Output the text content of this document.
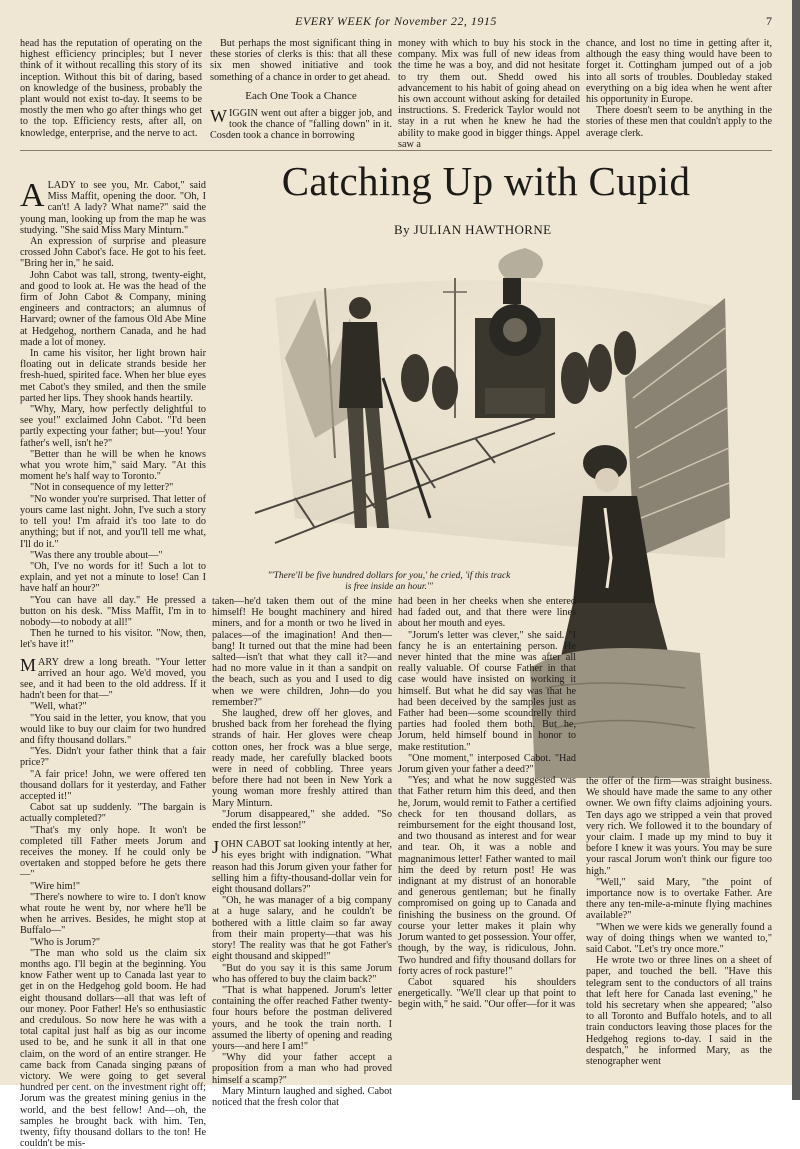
EVERY WEEK for November 22, 1915	7

head has the reputation of operating on the highest efficiency principles; but I never think of it without recalling this story of its inception. Without this bit of daring, based on knowledge of the business, probably the plant would not exist to-day. It seems to be mostly the men who go after things who get to the top. Efficiency rests, after all, on knowledge, enterprise, and the nerve to act.

But perhaps the most significant thing in these stories of clerks is this: that all these six men showed initiative and took something of a chance in order to get ahead.

Each One Took a Chance

WIGGIN went out after a bigger job, and took the chance of "falling down" in it. Cosden took a chance in borrowing

money with which to buy his stock in the company. Mix was full of new ideas from the time he was a boy, and did not hesitate to try them out. Shedd owed his advancement to his habit of going ahead on his own account without asking for detailed instructions. S. Frederick Taylor would not stay in a rut when he knew he had the ability to make good in bigger things. Appel saw a

chance, and lost no time in getting after it, although the easy thing would have been to forget it. Cottingham jumped out of a job into all sorts of troubles. Doubleday staked everything on a big idea when he went after his opportunity in Europe.

There doesn't seem to be anything in the stories of these men that couldn't apply to the average clerk.

Catching Up with Cupid
By JULIAN HAWTHORNE

ALADY to see you, Mr. Cabot," said Miss Maffit, opening the door. "Oh, I can't! A lady? What name?" said the young man, looking up from the map he was studying. "She said Miss Mary Minturn."

An expression of surprise and pleasure crossed John Cabot's face. He got to his feet. "Bring her in," he said.

John Cabot was tall, strong, twenty-eight, and good to look at. He was the head of the firm of John Cabot & Company, mining engineers and contractors; an alumnus of Harvard; owner of the famous Old Abe Mine at Hedgehog, northern Canada, and he had made a lot of money.

In came his visitor, her light brown hair floating out in delicate strands beside her fresh-hued, spirited face. When her blue eyes met Cabot's they smiled, and then the smile parted her lips. They shook hands heartily.

"Why, Mary, how perfectly delightful to see you!" exclaimed John Cabot. "I'd been partly expecting your father; but—you! Your father's well, isn't he?"

"Better than he will be when he knows what you wrote him," said Mary. "At this moment he's half way to Toronto."

"Not in consequence of my letter?"

"No wonder you're surprised. That letter of yours came last night. John, I've such a story to tell you! I'm afraid it's too late to do anything; but if not, and you'll tell me what, I'll do it."

"Was there any trouble about—"

"Oh, I've no words for it! Such a lot to explain, and yet not a minute to lose! Can I have half an hour?"

"You can have all day." He pressed a button on his desk. "Miss Maffit, I'm in to nobody—to nobody at all!"

Then he turned to his visitor. "Now, then, let's have it!"

MARY drew a long breath. "Your letter arrived an hour ago. We'd moved, you see, and it had been to the old address. If it hadn't been for that—"

"Well, what?"

"You said in the letter, you know, that you would like to buy our claim for two hundred and fifty thousand dollars."

"Yes. Didn't your father think that a fair price?"

"A fair price! John, we were offered ten thousand dollars for it yesterday, and Father accepted it!"

Cabot sat up suddenly. "The bargain is actually completed?"

"That's my only hope. It won't be completed till Father meets Jorum and receives the money. If he could only be overtaken and stopped before he gets there—"

"Wire him!"

"There's nowhere to wire to. I don't know what route he went by, nor where he'll be when he arrives. Besides, he might stop at Buffalo—"

"Who is Jorum?"

"The man who sold us the claim six months ago. I'll begin at the beginning. You know Father went up to Canada last year to get in on the Hedgehog gold boom. He had eight thousand dollars—all that was left of our money. Poor Father! He's so enthusiastic and credulous. So now here he was with a total capital just half as big as our income used to be, and he sunk it all in that one claim, on the word of an entire stranger. He came back from Canada singing pæans of victory. We were going to get several hundred per cent. on the investment right off; Jorum was the greatest mining genius in the world, and the best fellow! And—oh, the samples he brought back with him. Ten, twenty, fifty thousand dollars to the ton! He couldn't be mis-

"'There'll be five hundred dollars for you,' he cried, 'if this track is free inside an hour.'"

taken—he'd taken them out of the mine himself! He bought machinery and hired miners, and for a month or two he lived in palaces—of the imagination! And then—bang! It turned out that the mine had been salted—isn't that what they call it?—and had no more value in it than a sandpit on the beach, such as you and I used to dig when we were children, John—do you remember?"

She laughed, drew off her gloves, and brushed back from her forehead the flying strands of hair. Her gloves were cheap cotton ones, her frock was a blue serge, ready made, her carefully blacked boots were in need of cobbling. Three years before there had not been in New York a young woman more freshly attired than Mary Minturn.

"Jorum disappeared," she added. "So ended the first lesson!"

JOHN CABOT sat looking intently at her, his eyes bright with indignation. "What reason had this Jorum given your father for selling him a fifty-thousand-dollar vein for eight thousand dollars?"

"Oh, he was manager of a big company at a huge salary, and he couldn't be bothered with a little claim so far away from their main property—that was his story! The reality was that he got Father's eight thousand and skipped!"

"But do you say it is this same Jorum who has offered to buy the claim back?"

"That is what happened. Jorum's letter containing the offer reached Father twenty-four hours before the postman delivered yours, and he took the train north. I assumed the liberty of opening and reading yours—and here I am!"

"Why did your father accept a proposition from a man who had proved himself a scamp?"

Mary Minturn laughed and sighed. Cabot noticed that the fresh color that

had been in her cheeks when she entered had faded out, and that there were lines about her mouth and eyes.

"Jorum's letter was clever," she said. "I fancy he is an entertaining person. He never hinted that the mine was after all really valuable. Of course Father in that case would have insisted on working it himself. But what he did say was that he had been deceived by the samples just as Father had been—some scoundrelly third parties had fooled them both. But he, Jorum, held himself bound in honor to make restitution."

"One moment," interposed Cabot. "Had Jorum given your father a deed?"

"Yes; and what he now suggested was that Father return him this deed, and then he, Jorum, would remit to Father a certified check for ten thousand dollars, as reimbursement for the eight thousand lost, and two thousand as interest and for wear and tear. Oh, it was a noble and magnanimous letter! Father wanted to mail him the deed by return post! He was indignant at my distrust of an honorable and generous gentleman; but he finally compromised on going up to Canada and finishing the business on the ground. Of course your letter makes it plain why Jorum wanted to get possession. Your offer, though, by the way, is ridiculous, John. Two hundred and fifty thousand dollars for forty acres of rock pasture!"

Cabot squared his shoulders energetically. "We'll clear up that point to begin with," he said. "Our offer—for it was

the offer of the firm—was straight business. We should have made the same to any other owner. We own fifty claims adjoining yours. Ten days ago we stripped a vein that proved very rich. We followed it to the boundary of your claim. I made up my mind to buy it before I knew it was yours. You may be sure your rascal Jorum won't think our figure too high."

"Well," said Mary, "the point of importance now is to overtake Father. Are there any ten-mile-a-minute flying machines available?"

"When we were kids we generally found a way of doing things when we wanted to," said Cabot. "Let's try once more."

He wrote two or three lines on a sheet of paper, and touched the bell. "Have this telegram sent to the conductors of all trains that left here for Canada last evening," he told his secretary when she appeared; "also to all Toronto and Buffalo hotels, and to all train conductors leaving those places for the Hedgehog regions to-day. I said in the despatch," he informed Mary, as the stenographer went
